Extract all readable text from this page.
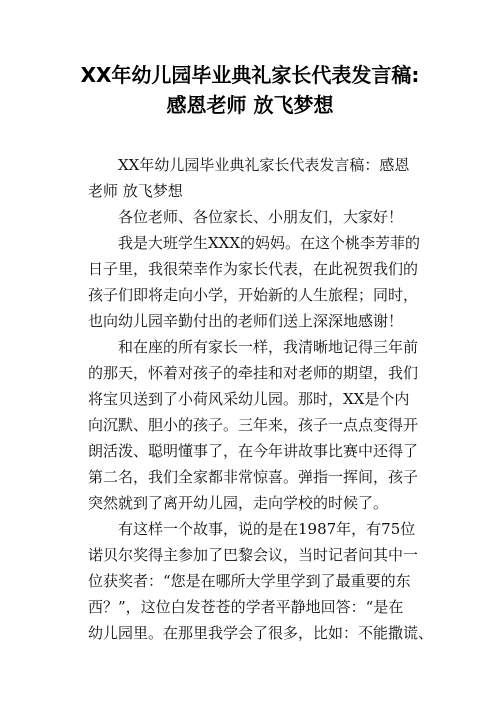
XX年幼儿园毕业典礼家长代表发言稿:
感恩老师 放飞梦想
XX年幼儿园毕业典礼家长代表发言稿：感恩
老师 放飞梦想
各位老师、各位家长、小朋友们，大家好！
我是大班学生XXX的妈妈。在这个桃李芳菲的
日子里，我很荣幸作为家长代表，在此祝贺我们的
孩子们即将走向小学，开始新的人生旅程；同时，
也向幼儿园辛勤付出的老师们送上深深地感谢！
和在座的所有家长一样，我清晰地记得三年前
的那天，怀着对孩子的牵挂和对老师的期望，我们
将宝贝送到了小荷风采幼儿园。那时，XX是个内
向沉默、胆小的孩子。三年来，孩子一点点变得开
朗活泼、聪明懂事了，在今年讲故事比赛中还得了
第二名，我们全家都非常惊喜。弹指一挥间，孩子
突然就到了离开幼儿园，走向学校的时候了。
有这样一个故事，说的是在1987年，有75位
诺贝尔奖得主参加了巴黎会议，当时记者问其中一
位获奖者：“您是在哪所大学里学到了最重要的东
西？”，这位白发苍苍的学者平静地回答：“是在
幼儿园里。在那里我学会了很多，比如：不能撒谎、
